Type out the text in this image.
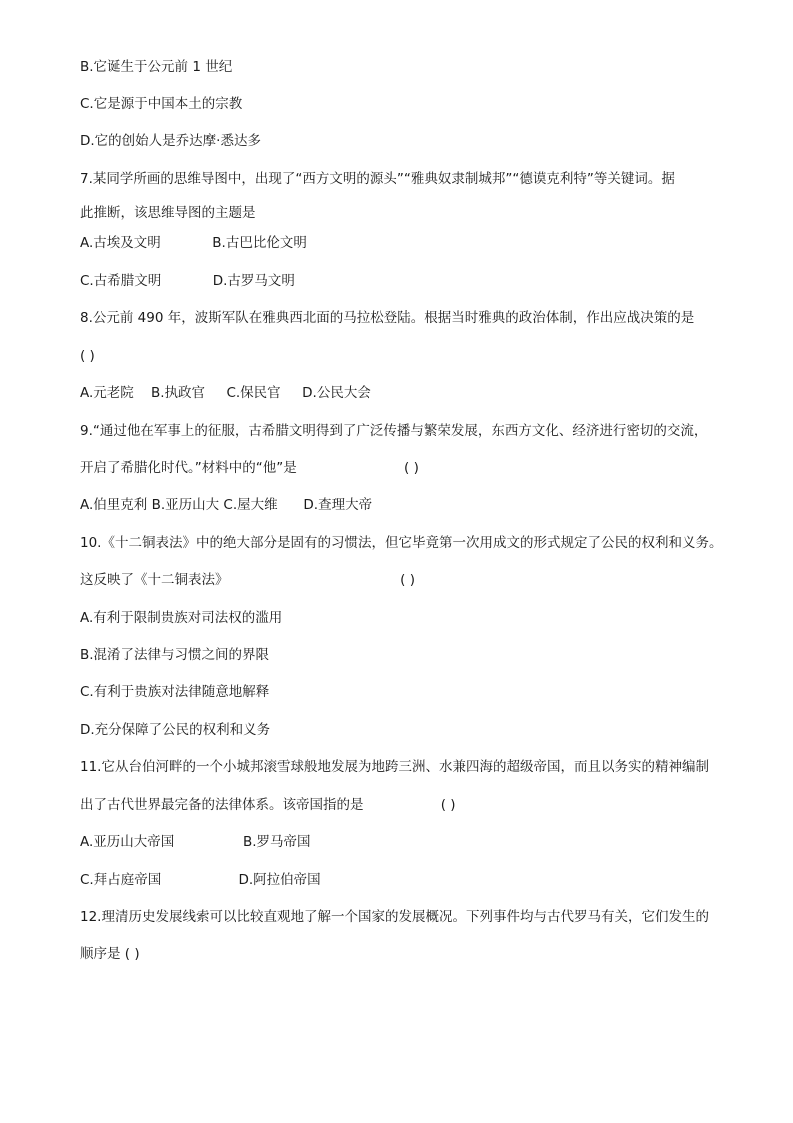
B.它诞生于公元前 1 世纪
C.它是源于中国本土的宗教
D.它的创始人是乔达摩·悉达多
7.某同学所画的思维导图中，出现了“西方文明的源头”“雅典奴隶制城邦”“德谟克利特”等关键词。据
此推断，该思维导图的主题是
A.古埃及文明            B.古巴比伦文明
C.古希腊文明            D.古罗马文明
8.公元前 490 年，波斯军队在雅典西北面的马拉松登陆。根据当时雅典的政治体制，作出应战决策的是
( )
A.元老院    B.执政官     C.保民官     D.公民大会
9.“通过他在军事上的征服，古希腊文明得到了广泛传播与繁荣发展，东西方文化、经济进行密切的交流，
开启了希腊化时代。”材料中的“他”是                         ( )
A.伯里克利 B.亚历山大 C.屋大维      D.查理大帝
10.《十二铜表法》中的绝大部分是固有的习惯法，但它毕竟第一次用成文的形式规定了公民的权利和义务。
这反映了《十二铜表法》                                        ( )
A.有利于限制贵族对司法权的滥用
B.混淆了法律与习惯之间的界限
C.有利于贵族对法律随意地解释
D.充分保障了公民的权利和义务
11.它从台伯河畔的一个小城邦滚雪球般地发展为地跨三洲、水兼四海的超级帝国，而且以务实的精神编制
出了古代世界最完备的法律体系。该帝国指的是                  ( )
A.亚历山大帝国                B.罗马帝国
C.拜占庭帝国                  D.阿拉伯帝国
12.理清历史发展线索可以比较直观地了解一个国家的发展概况。下列事件均与古代罗马有关，它们发生的
顺序是 ( )
